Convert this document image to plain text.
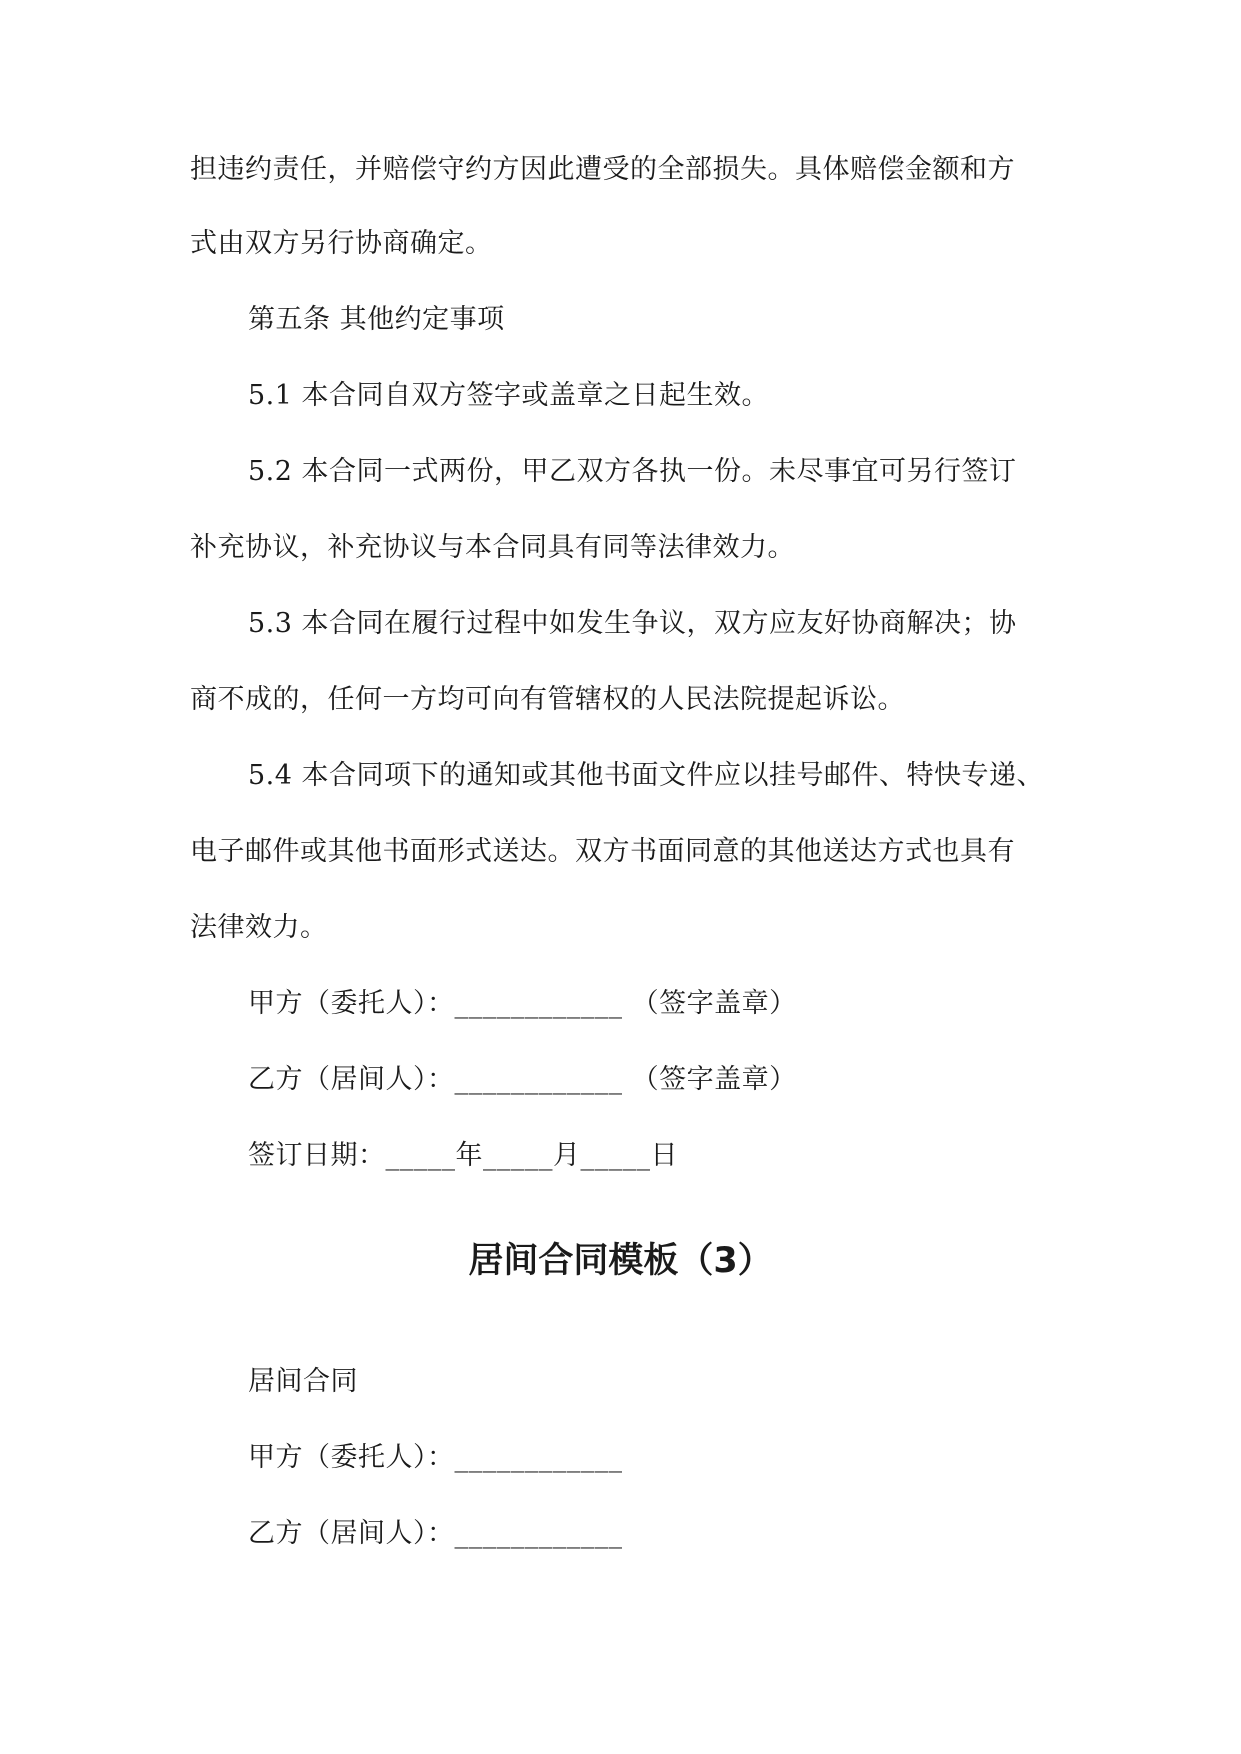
担违约责任，并赔偿守约方因此遭受的全部损失。具体赔偿金额和方
式由双方另行协商确定。
第五条 其他约定事项
5.1 本合同自双方签字或盖章之日起生效。
5.2 本合同一式两份，甲乙双方各执一份。未尽事宜可另行签订
补充协议，补充协议与本合同具有同等法律效力。
5.3 本合同在履行过程中如发生争议，双方应友好协商解决；协
商不成的，任何一方均可向有管辖权的人民法院提起诉讼。
5.4 本合同项下的通知或其他书面文件应以挂号邮件、特快专递、
电子邮件或其他书面形式送达。双方书面同意的其他送达方式也具有
法律效力。
甲方（委托人）：____________ （签字盖章）
乙方（居间人）：____________ （签字盖章）
签订日期：_____年_____月_____日
居间合同模板（3）
居间合同
甲方（委托人）：____________
乙方（居间人）：____________
